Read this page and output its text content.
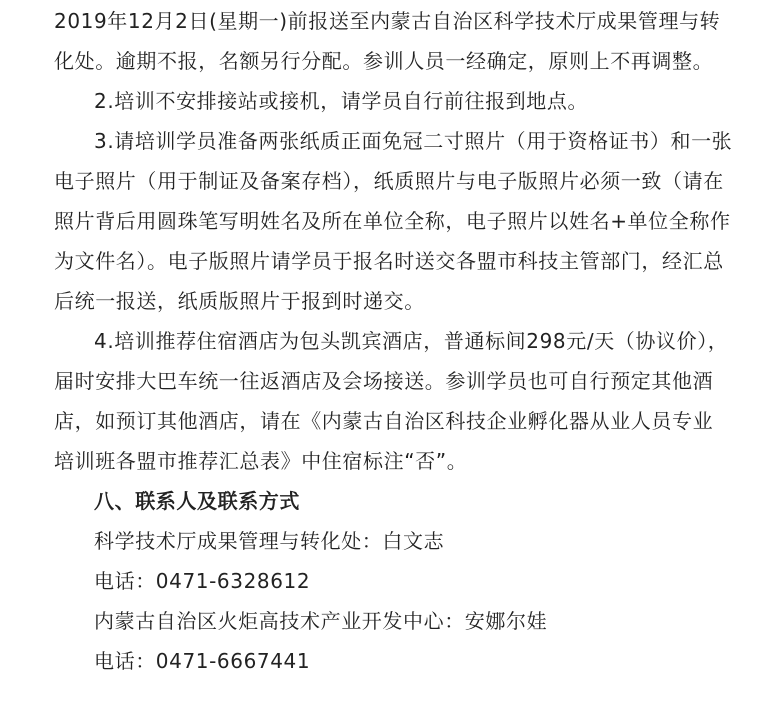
2019年12月2日(星期一)前报送至内蒙古自治区科学技术厅成果管理与转化处。逾期不报，名额另行分配。参训人员一经确定，原则上不再调整。

2.培训不安排接站或接机，请学员自行前往报到地点。

3.请培训学员准备两张纸质正面免冠二寸照片（用于资格证书）和一张电子照片（用于制证及备案存档），纸质照片与电子版照片必须一致（请在照片背后用圆珠笔写明姓名及所在单位全称，电子照片以姓名+单位全称作为文件名）。电子版照片请学员于报名时送交各盟市科技主管部门，经汇总后统一报送，纸质版照片于报到时递交。

4.培训推荐住宿酒店为包头凯宾酒店，普通标间298元/天（协议价），届时安排大巴车统一往返酒店及会场接送。参训学员也可自行预定其他酒店，如预订其他酒店，请在《内蒙古自治区科技企业孵化器从业人员专业培训班各盟市推荐汇总表》中住宿标注“否”。

八、联系人及联系方式

科学技术厅成果管理与转化处：白文志

电话：0471-6328612

内蒙古自治区火炬高技术产业开发中心：安娜尔娃

电话：0471-6667441
